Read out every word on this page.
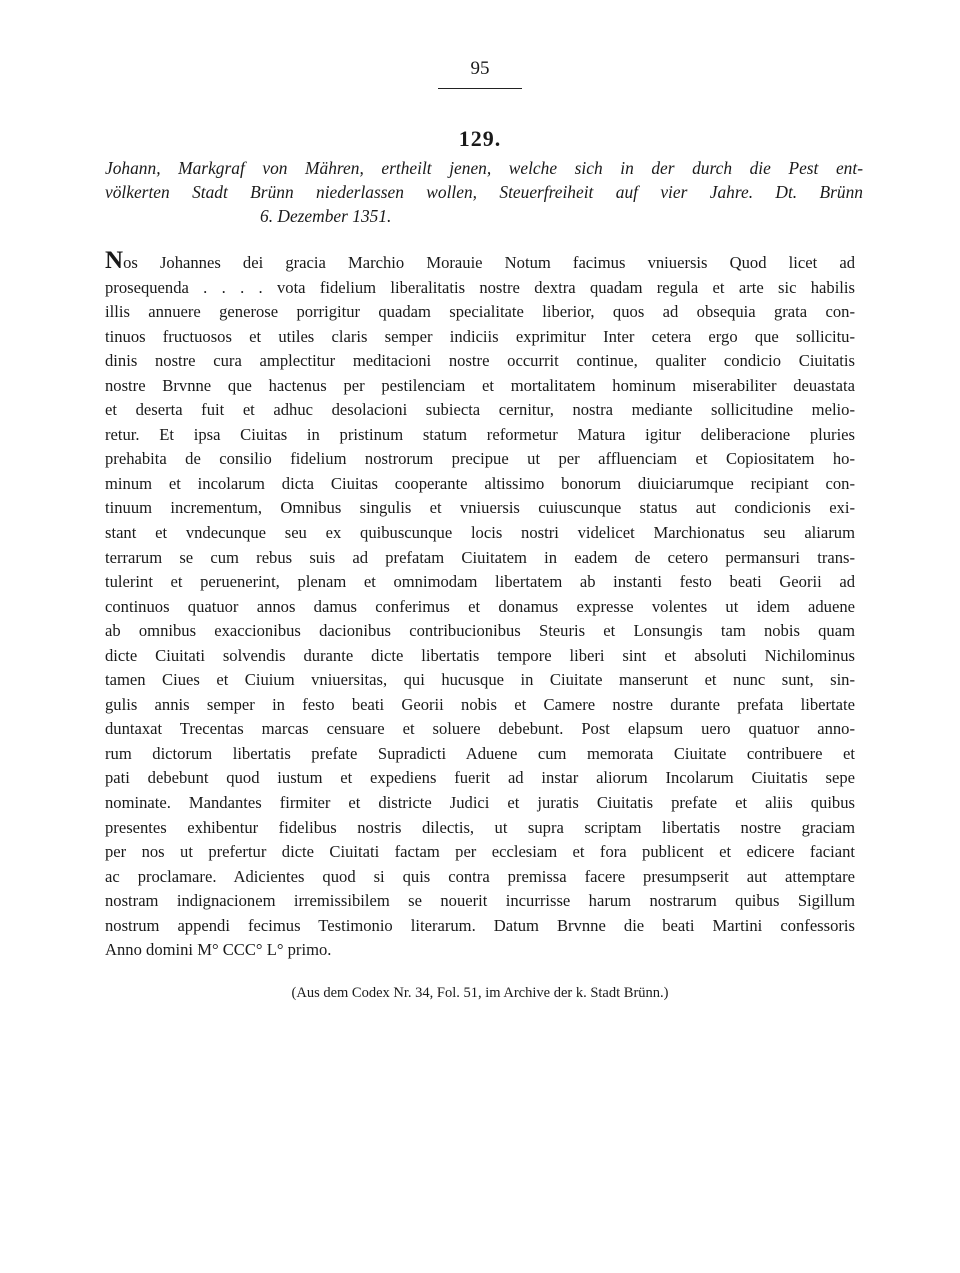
95
129.
Johann, Markgraf von Mähren, ertheilt jenen, welche sich in der durch die Pest ent-
völkerten Stadt Brünn niederlassen wollen, Steuerfreiheit auf vier Jahre. Dt. Brünn
6. Dezember 1351.
Nos Johannes dei gracia Marchio Morauie Notum facimus vniuersis Quod licet ad
prosequenda . . . . vota fidelium liberalitatis nostre dextra quadam regula et arte sic habilis
illis annuere generose porrigitur quadam specialitate liberior, quos ad obsequia grata con-
tinuos fructuosos et utiles claris semper indiciis exprimitur Inter cetera ergo que sollicitu-
dinis nostre cura amplectitur meditacioni nostre occurrit continue, qualiter condicio Ciuitatis
nostre Brvnne que hactenus per pestilenciam et mortalitatem hominum miserabiliter deuastata
et deserta fuit et adhuc desolacioni subiecta cernitur, nostra mediante sollicitudine melio-
retur. Et ipsa Ciuitas in pristinum statum reformetur Matura igitur deliberacione pluries
prehabita de consilio fidelium nostrorum precipue ut per affluenciam et Copiositatem ho-
minum et incolarum dicta Ciuitas cooperante altissimo bonorum diuiciarumque recipiant con-
tinuum incrementum, Omnibus singulis et vniuersis cuiuscunque status aut condicionis exi-
stant et vndecunque seu ex quibuscunque locis nostri videlicet Marchionatus seu aliarum
terrarum se cum rebus suis ad prefatam Ciuitatem in eadem de cetero permansuri trans-
tulerint et peruenerint, plenam et omnimodam libertatem ab instanti festo beati Georii ad
continuos quatuor annos damus conferimus et donamus expresse volentes ut idem aduene
ab omnibus exaccionibus dacionibus contribucionibus Steuris et Lonsungis tam nobis quam
dicte Ciuitati solvendis durante dicte libertatis tempore liberi sint et absoluti Nichilominus
tamen Ciues et Ciuium vniuersitas, qui hucusque in Ciuitate manserunt et nunc sunt, sin-
gulis annis semper in festo beati Georii nobis et Camere nostre durante prefata libertate
duntaxat Trecentas marcas censuare et soluere debebunt. Post elapsum uero quatuor anno-
rum dictorum libertatis prefate Supradicti Aduene cum memorata Ciuitate contribuere et
pati debebunt quod iustum et expediens fuerit ad instar aliorum Incolarum Ciuitatis sepe
nominate. Mandantes firmiter et districte Judici et juratis Ciuitatis prefate et aliis quibus
presentes exhibentur fidelibus nostris dilectis, ut supra scriptam libertatis nostre graciam
per nos ut prefertur dicte Ciuitati factam per ecclesiam et fora publicent et edicere faciant
ac proclamare. Adicientes quod si quis contra premissa facere presumpserit aut attemptare
nostram indignacionem irremissibilem se nouerit incurrisse harum nostrarum quibus Sigillum
nostrum appendi fecimus Testimonio literarum. Datum Brvnne die beati Martini confessoris
Anno domini M° CCC° L° primo.
(Aus dem Codex Nr. 34, Fol. 51, im Archive der k. Stadt Brünn.)
